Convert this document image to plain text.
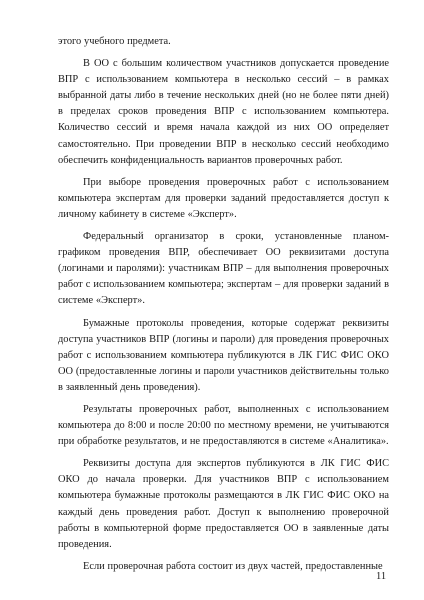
этого учебного предмета.

В ОО с большим количеством участников допускается проведение ВПР с использованием компьютера в несколько сессий – в рамках выбранной даты либо в течение нескольких дней (но не более пяти дней) в пределах сроков проведения ВПР с использованием компьютера. Количество сессий и время начала каждой из них ОО определяет самостоятельно. При проведении ВПР в несколько сессий необходимо обеспечить конфиденциальность вариантов проверочных работ.

При выборе проведения проверочных работ с использованием компьютера экспертам для проверки заданий предоставляется доступ к личному кабинету в системе «Эксперт».

Федеральный организатор в сроки, установленные планом-графиком проведения ВПР, обеспечивает ОО реквизитами доступа (логинами и паролями): участникам ВПР – для выполнения проверочных работ с использованием компьютера; экспертам – для проверки заданий в системе «Эксперт».

Бумажные протоколы проведения, которые содержат реквизиты доступа участников ВПР (логины и пароли) для проведения проверочных работ с использованием компьютера публикуются в ЛК ГИС ФИС ОКО ОО (предоставленные логины и пароли участников действительны только в заявленный день проведения).

Результаты проверочных работ, выполненных с использованием компьютера до 8:00 и после 20:00 по местному времени, не учитываются при обработке результатов, и не предоставляются в системе «Аналитика».

Реквизиты доступа для экспертов публикуются в ЛК ГИС ФИС ОКО до начала проверки. Для участников ВПР с использованием компьютера бумажные протоколы размещаются в ЛК ГИС ФИС ОКО на каждый день проведения работ. Доступ к выполнению проверочной работы в компьютерной форме предоставляется ОО в заявленные даты проведения.

Если проверочная работа состоит из двух частей, предоставленные

11
